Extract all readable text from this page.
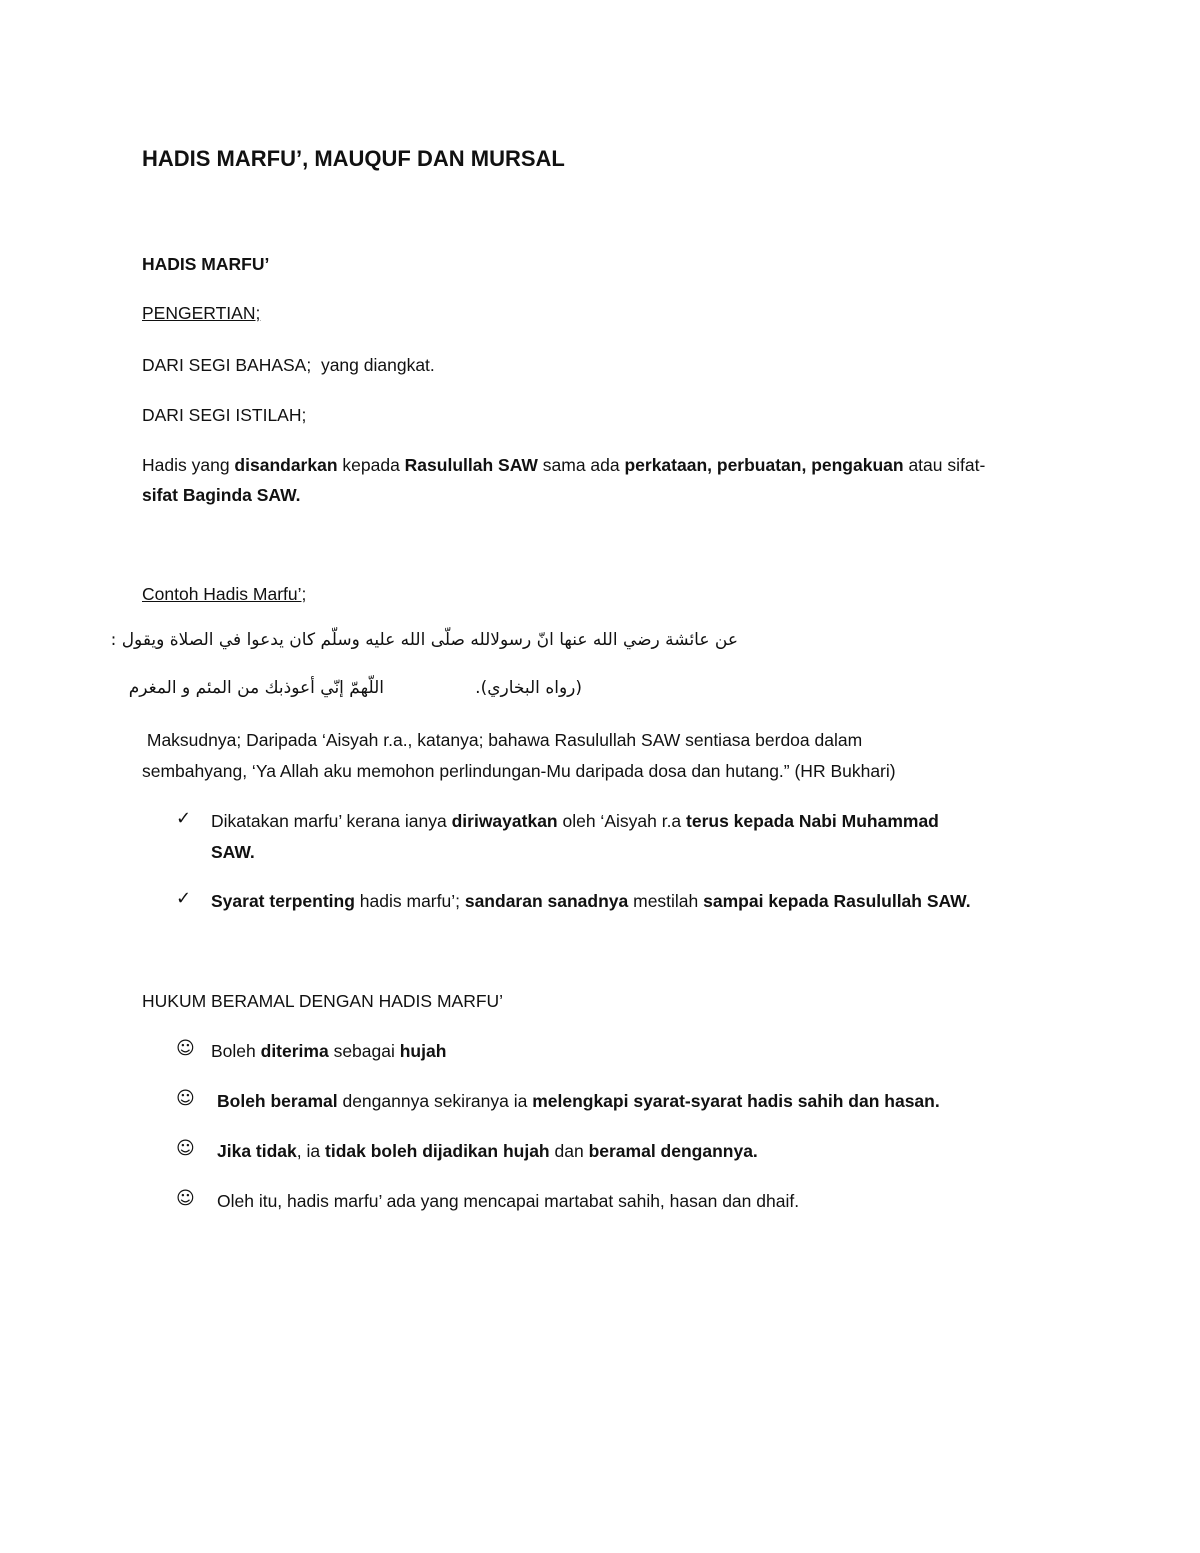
HADIS MARFU’, MAUQUF DAN MURSAL
HADIS MARFU’
PENGERTIAN;
DARI SEGI BAHASA;  yang diangkat.
DARI SEGI ISTILAH;
Hadis yang disandarkan kepada Rasulullah SAW sama ada perkataan, perbuatan, pengakuan atau sifat-
sifat Baginda SAW.
Contoh Hadis Marfu’;
عن عائشة رضي الله عنها انّ رسولالله صلّى الله عليه وسلّم كان يدعوا في الصلاة ويقول :
اللّهمّ إنّي أعوذبك من المئم و المغرم	(رواه البخاري).
Maksudnya; Daripada ‘Aisyah r.a., katanya; bahawa Rasulullah SAW sentiasa berdoa dalam
sembahyang, ‘Ya Allah aku memohon perlindungan-Mu daripada dosa dan hutang.” (HR Bukhari)
✓ Dikatakan marfu’ kerana ianya diriwayatkan oleh ‘Aisyah r.a terus kepada Nabi Muhammad
SAW.
✓ Syarat terpenting hadis marfu’; sandaran sanadnya mestilah sampai kepada Rasulullah SAW.
HUKUM BERAMAL DENGAN HADIS MARFU’
☺ Boleh diterima sebagai hujah
☺ Boleh beramal dengannya sekiranya ia melengkapi syarat-syarat hadis sahih dan hasan.
☺ Jika tidak, ia tidak boleh dijadikan hujah dan beramal dengannya.
☺ Oleh itu, hadis marfu’ ada yang mencapai martabat sahih, hasan dan dhaif.
